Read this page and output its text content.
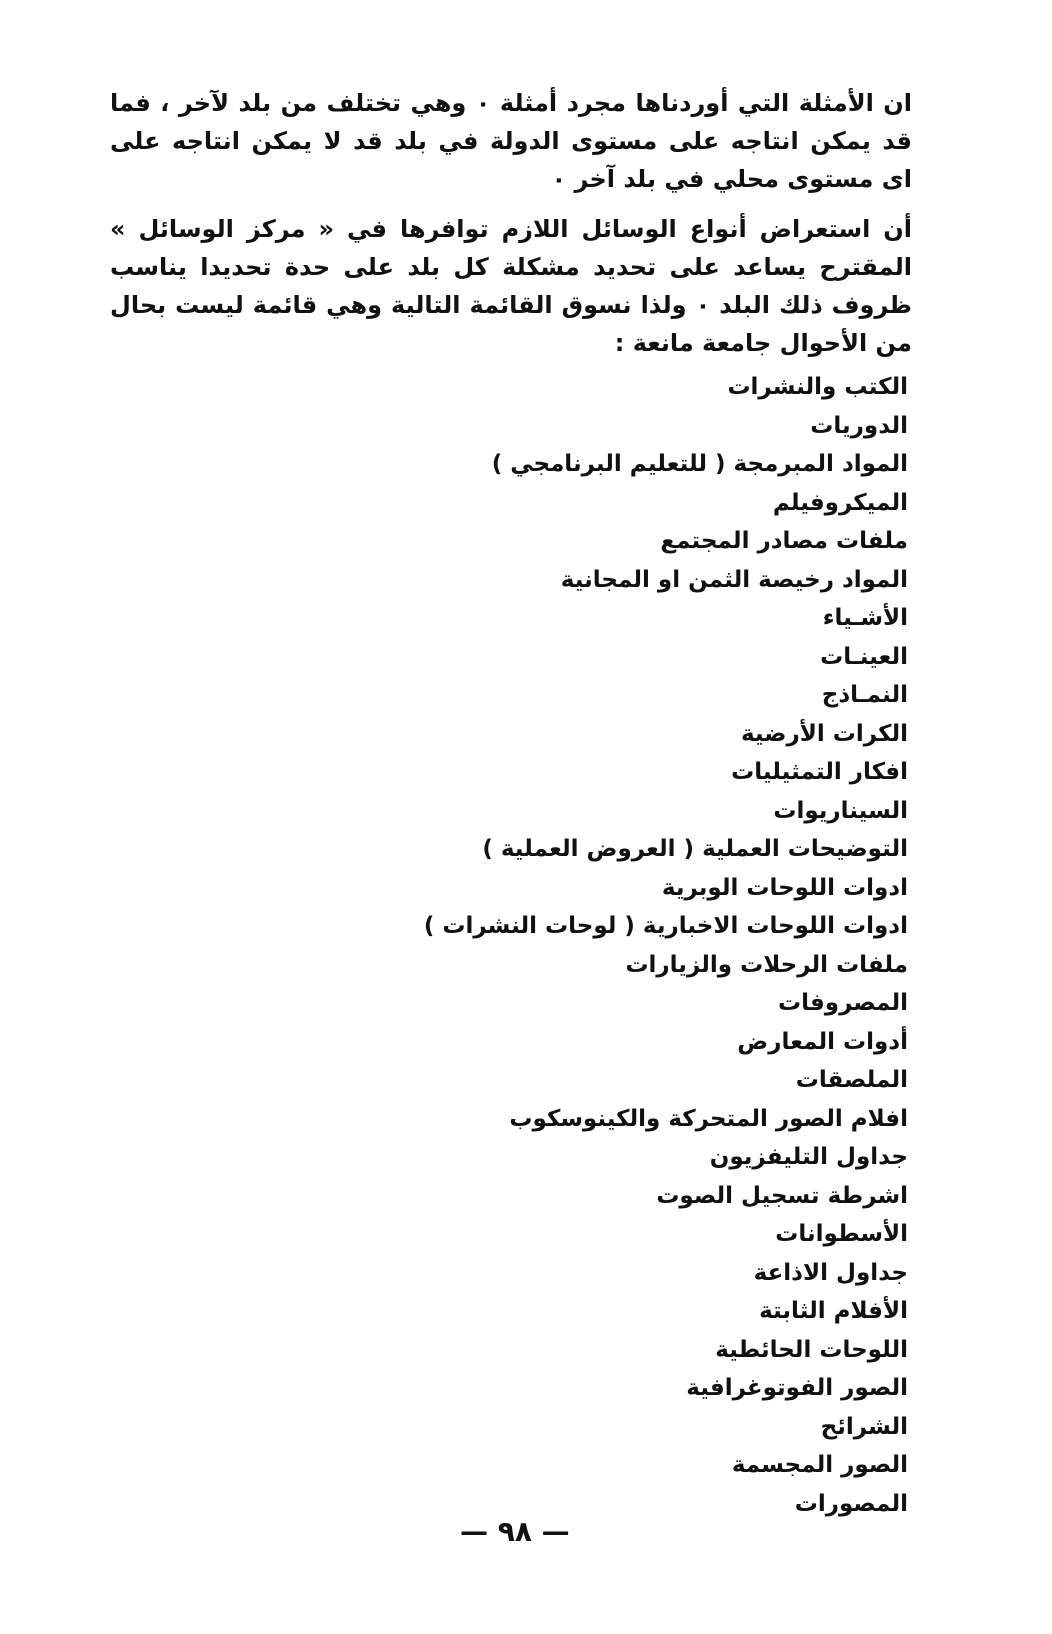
ان الأمثلة التي أوردناها مجرد أمثلة ٠ وهي تختلف من بلد لآخر ، فما قد يمكن انتاجه على مستوى الدولة في بلد قد لا يمكن انتاجه على اى مستوى محلي في بلد آخر ٠

أن استعراض أنواع الوسائل اللازم توافرها في « مركز الوسائل » المقترح يساعد على تحديد مشكلة كل بلد على حدة تحديدا يناسب ظروف ذلك البلد ٠ ولذا نسوق القائمة التالية وهي قائمة ليست بحال من الأحوال جامعة مانعة :

الكتب والنشرات
الدوريات
المواد المبرمجة ( للتعليم البرنامجي )
الميكروفيلم
ملفات مصادر المجتمع
المواد رخيصة الثمن او المجانية
الأشـياء
العينـات
النمـاذج
الكرات الأرضية
افكار التمثيليات
السيناريوات
التوضيحات العملية ( العروض العملية )
ادوات اللوحات الوبرية
ادوات اللوحات الاخبارية ( لوحات النشرات )
ملفات الرحلات والزيارات
المصروفات
أدوات المعارض
الملصقات
افلام الصور المتحركة والكينوسكوب
جداول التليفزيون
اشرطة تسجيل الصوت
الأسطوانات
جداول الاذاعة
الأفلام الثابتة
اللوحات الحائطية
الصور الفوتوغرافية
الشرائح
الصور المجسمة
المصورات
— ٩٨ —
